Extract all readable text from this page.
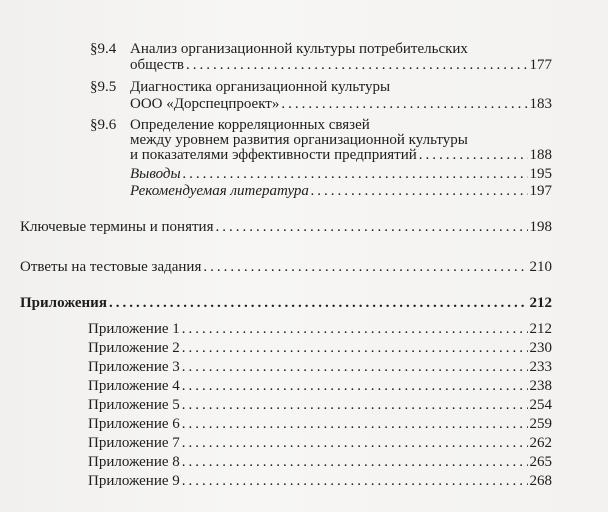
§9.4 Анализ организационной культуры потребительских
обществ .....	177
§9.5 Диагностика организационной культуры
ООО «Дорспецпроект» .....	183
§9.6 Определение корреляционных связей
между уровнем развития организационной культуры
и показателями эффективности предприятий .....	188
Выводы .....	195
Рекомендуемая литература .....	197
Ключевые термины и понятия .....	198
Ответы на тестовые задания .....	210
Приложения .....	212
Приложение 1 .....	212
Приложение 2 .....	230
Приложение 3 .....	233
Приложение 4 .....	238
Приложение 5 .....	254
Приложение 6 .....	259
Приложение 7 .....	262
Приложение 8 .....	265
Приложение 9 .....	268
